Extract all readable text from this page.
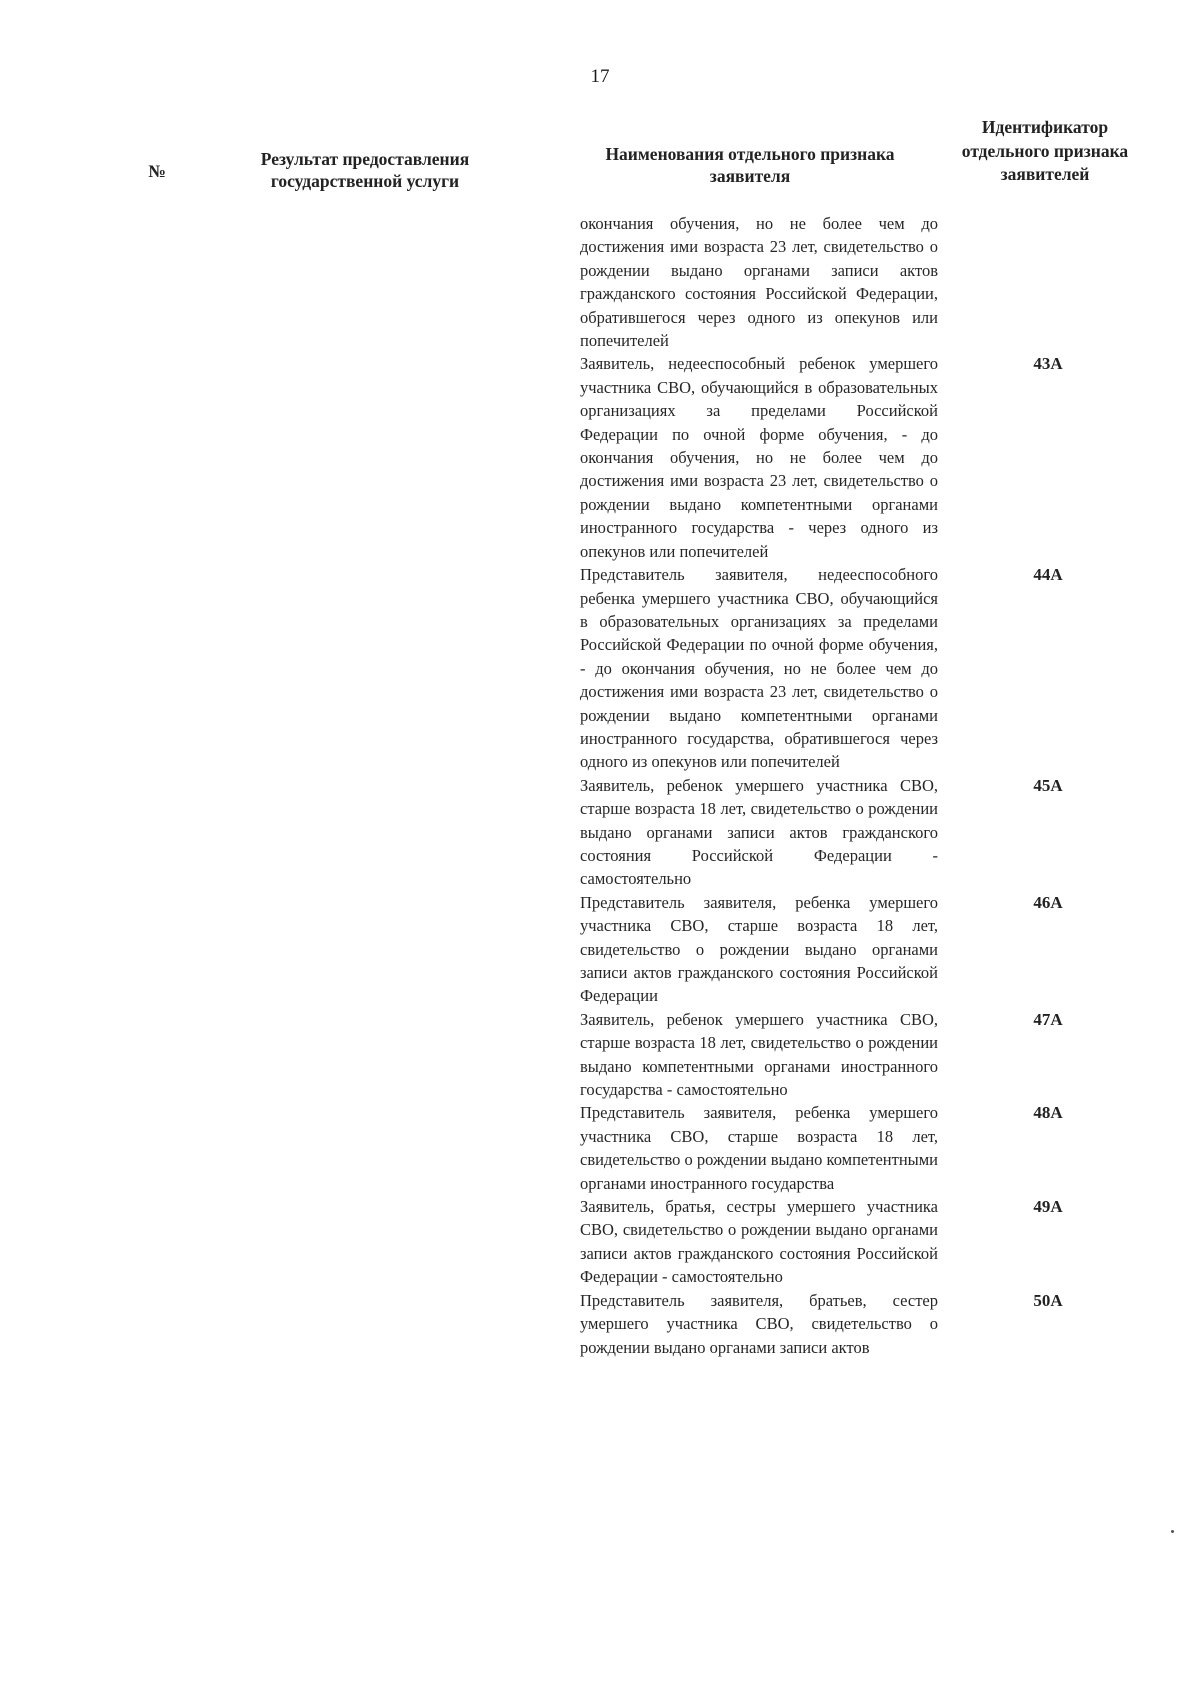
17
№
Результат предоставления государственной услуги
Наименования отдельного признака заявителя
Идентификатор отдельного признака заявителей
окончания обучения, но не более чем до достижения ими возраста 23 лет, свидетельство о рождении выдано органами записи актов гражданского состояния Российской Федерации, обратившегося через одного из опекунов или попечителей
Заявитель, недееспособный ребенок умершего участника СВО, обучающийся в образовательных организациях за пределами Российской Федерации по очной форме обучения, - до окончания обучения, но не более чем до достижения ими возраста 23 лет, свидетельство о рождении выдано компетентными органами иностранного государства - через одного из опекунов или попечителей
43А
Представитель заявителя, недееспособного ребенка умершего участника СВО, обучающийся в образовательных организациях за пределами Российской Федерации по очной форме обучения, - до окончания обучения, но не более чем до достижения ими возраста 23 лет, свидетельство о рождении выдано компетентными органами иностранного государства, обратившегося через одного из опекунов или попечителей
44А
Заявитель, ребенок умершего участника СВО, старше возраста 18 лет, свидетельство о рождении выдано органами записи актов гражданского состояния Российской Федерации - самостоятельно
45А
Представитель заявителя, ребенка умершего участника СВО, старше возраста 18 лет, свидетельство о рождении выдано органами записи актов гражданского состояния Российской Федерации
46А
Заявитель, ребенок умершего участника СВО, старше возраста 18 лет, свидетельство о рождении выдано компетентными органами иностранного государства - самостоятельно
47А
Представитель заявителя, ребенка умершего участника СВО, старше возраста 18 лет, свидетельство о рождении выдано компетентными органами иностранного государства
48А
Заявитель, братья, сестры умершего участника СВО, свидетельство о рождении выдано органами записи актов гражданского состояния Российской Федерации - самостоятельно
49А
Представитель заявителя, братьев, сестер умершего участника СВО, свидетельство о рождении выдано органами записи актов
50А
